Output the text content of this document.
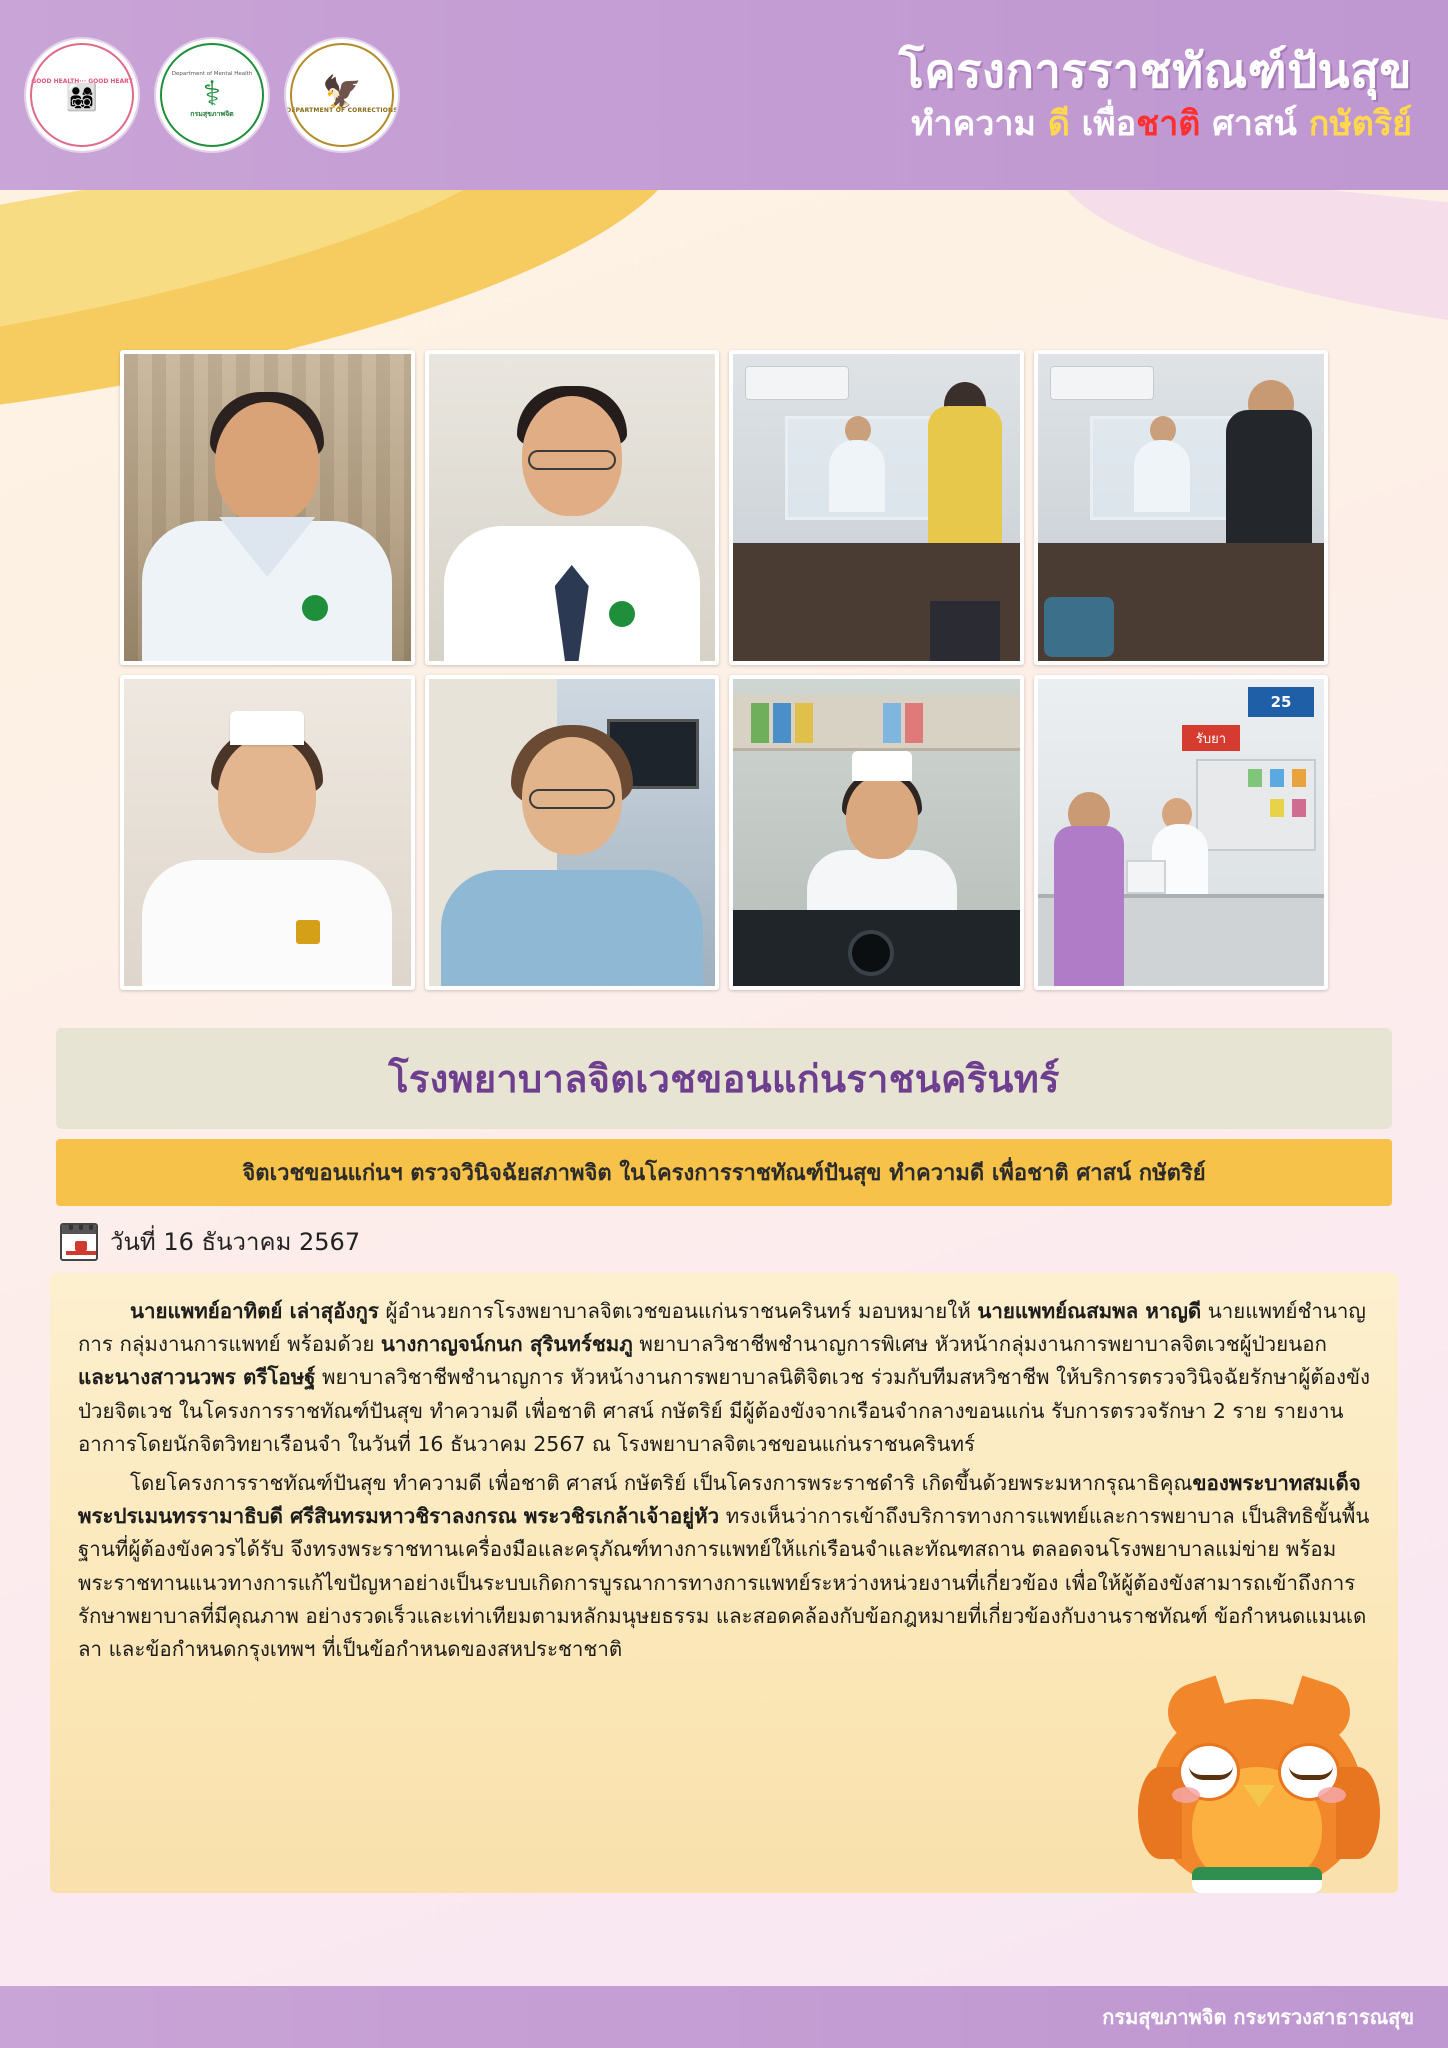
GOOD HEALTH··· GOOD HEART
👨‍👩‍👧‍👦
Department of Mental Health
⚕
กรมสุขภาพจิต
🦅
DEPARTMENT OF CORRECTIONS
โครงการราชทัณฑ์ปันสุข
ทำความ ดี เพื่อชาติ ศาสน์ กษัตริย์
25
รับยา
โรงพยาบาลจิตเวชขอนแก่นราชนครินทร์

จิตเวชขอนแก่นฯ ตรวจวินิจฉัยสภาพจิต ในโครงการราชทัณฑ์ปันสุข ทำความดี เพื่อชาติ ศาสน์ กษัตริย์

วันที่ 16 ธันวาคม 2567

นายแพทย์อาทิตย์ เล่าสุอังกูร ผู้อำนวยการโรงพยาบาลจิตเวชขอนแก่นราชนครินทร์ มอบหมายให้ นายแพทย์ณสมพล หาญดี นายแพทย์ชำนาญการ กลุ่มงานการแพทย์ พร้อมด้วย นางกาญจน์กนก สุรินทร์ชมภู พยาบาลวิชาชีพชำนาญการพิเศษ หัวหน้ากลุ่มงานการพยาบาลจิตเวชผู้ป่วยนอก และนางสาวนวพร ตรีโอษฐ์ พยาบาลวิชาชีพชำนาญการ หัวหน้างานการพยาบาลนิติจิตเวช ร่วมกับทีมสหวิชาชีพ ให้บริการตรวจวินิจฉัยรักษาผู้ต้องขังป่วยจิตเวช ในโครงการราชทัณฑ์ปันสุข ทำความดี เพื่อชาติ ศาสน์ กษัตริย์ มีผู้ต้องขังจากเรือนจำกลางขอนแก่น รับการตรวจรักษา 2 ราย รายงานอาการโดยนักจิตวิทยาเรือนจำ ในวันที่ 16 ธันวาคม 2567 ณ โรงพยาบาลจิตเวชขอนแก่นราชนครินทร์

โดยโครงการราชทัณฑ์ปันสุข ทำความดี เพื่อชาติ ศาสน์ กษัตริย์ เป็นโครงการพระราชดำริ เกิดขึ้นด้วยพระมหากรุณาธิคุณของพระบาทสมเด็จพระปรเมนทรรามาธิบดี ศรีสินทรมหาวชิราลงกรณ พระวชิรเกล้าเจ้าอยู่หัว ทรงเห็นว่าการเข้าถึงบริการทางการแพทย์และการพยาบาล เป็นสิทธิขั้นพื้นฐานที่ผู้ต้องขังควรได้รับ จึงทรงพระราชทานเครื่องมือและครุภัณฑ์ทางการแพทย์ให้แก่เรือนจำและทัณฑสถาน ตลอดจนโรงพยาบาลแม่ข่าย พร้อมพระราชทานแนวทางการแก้ไขปัญหาอย่างเป็นระบบเกิดการบูรณาการทางการแพทย์ระหว่างหน่วยงานที่เกี่ยวข้อง เพื่อให้ผู้ต้องขังสามารถเข้าถึงการรักษาพยาบาลที่มีคุณภาพ อย่างรวดเร็วและเท่าเทียมตามหลักมนุษยธรรม และสอดคล้องกับข้อกฎหมายที่เกี่ยวข้องกับงานราชทัณฑ์ ข้อกำหนดแมนเดลา และข้อกำหนดกรุงเทพฯ ที่เป็นข้อกำหนดของสหประชาชาติ

กรมสุขภาพจิต กระทรวงสาธารณสุข
